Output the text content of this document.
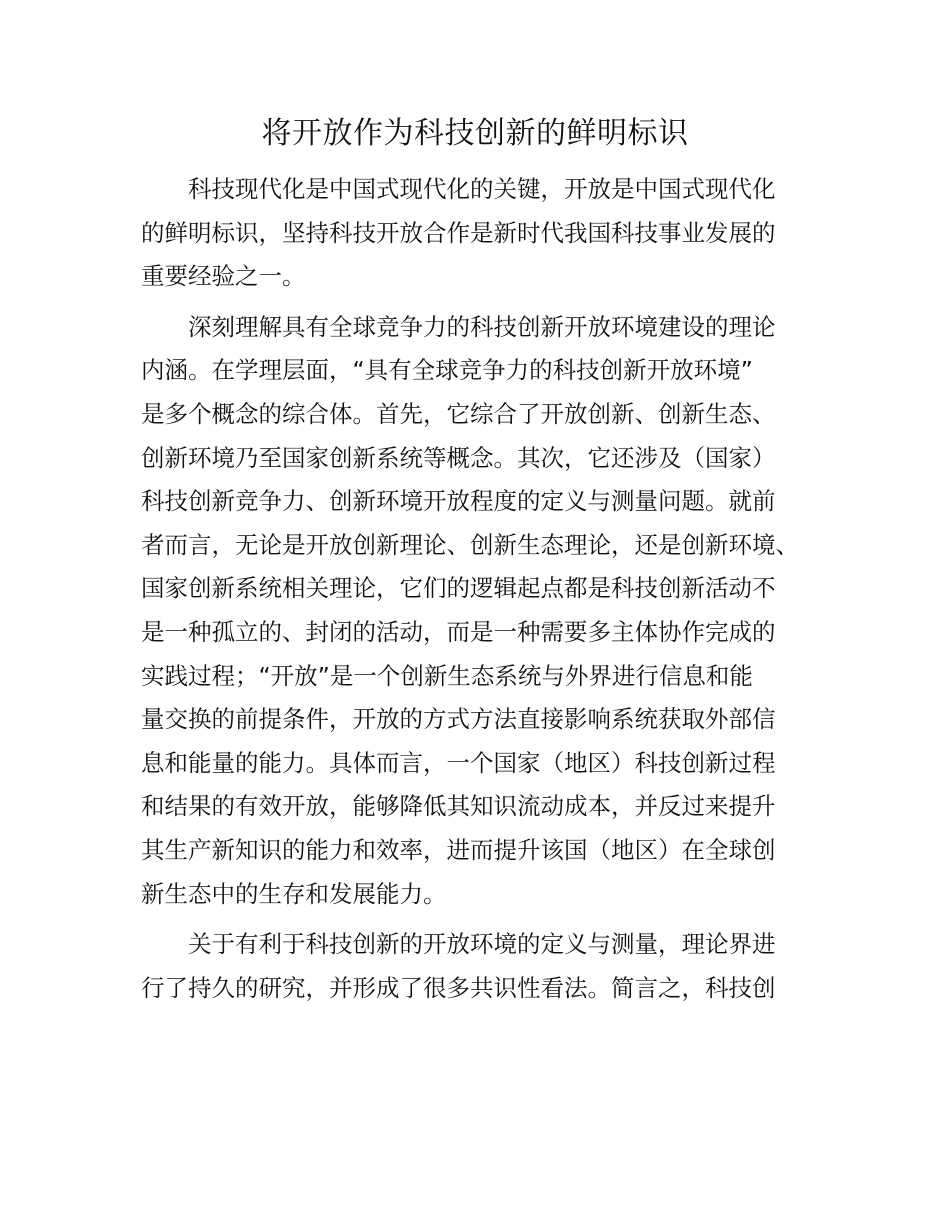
将开放作为科技创新的鲜明标识

科技现代化是中国式现代化的关键，开放是中国式现代化
的鲜明标识，坚持科技开放合作是新时代我国科技事业发展的
重要经验之一。

深刻理解具有全球竞争力的科技创新开放环境建设的理论
内涵。在学理层面，“具有全球竞争力的科技创新开放环境”
是多个概念的综合体。首先，它综合了开放创新、创新生态、
创新环境乃至国家创新系统等概念。其次，它还涉及（国家）
科技创新竞争力、创新环境开放程度的定义与测量问题。就前
者而言，无论是开放创新理论、创新生态理论，还是创新环境、
国家创新系统相关理论，它们的逻辑起点都是科技创新活动不
是一种孤立的、封闭的活动，而是一种需要多主体协作完成的
实践过程；“开放”是一个创新生态系统与外界进行信息和能
量交换的前提条件，开放的方式方法直接影响系统获取外部信
息和能量的能力。具体而言，一个国家（地区）科技创新过程
和结果的有效开放，能够降低其知识流动成本，并反过来提升
其生产新知识的能力和效率，进而提升该国（地区）在全球创
新生态中的生存和发展能力。

关于有利于科技创新的开放环境的定义与测量，理论界进
行了持久的研究，并形成了很多共识性看法。简言之，科技创
